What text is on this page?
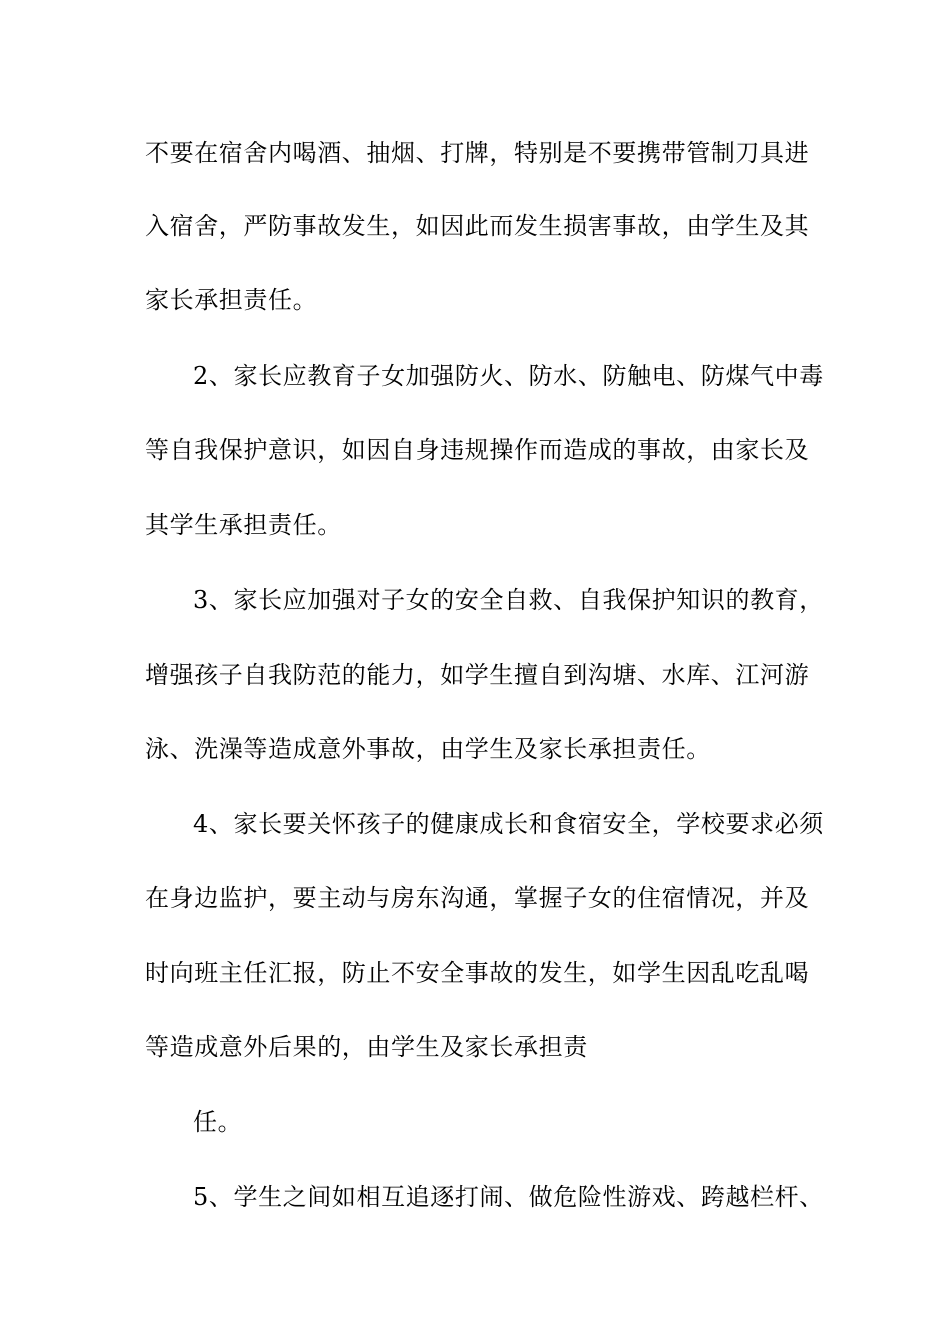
不要在宿舍内喝酒、抽烟、打牌，特别是不要携带管制刀具进
入宿舍，严防事故发生，如因此而发生损害事故，由学生及其
家长承担责任。
2、家长应教育子女加强防火、防水、防触电、防煤气中毒
等自我保护意识，如因自身违规操作而造成的事故，由家长及
其学生承担责任。
3、家长应加强对子女的安全自救、自我保护知识的教育，
增强孩子自我防范的能力，如学生擅自到沟塘、水库、江河游
泳、洗澡等造成意外事故，由学生及家长承担责任。
4、家长要关怀孩子的健康成长和食宿安全，学校要求必须
在身边监护，要主动与房东沟通，掌握子女的住宿情况，并及
时向班主任汇报，防止不安全事故的发生，如学生因乱吃乱喝
等造成意外后果的，由学生及家长承担责
任。
5、学生之间如相互追逐打闹、做危险性游戏、跨越栏杆、
